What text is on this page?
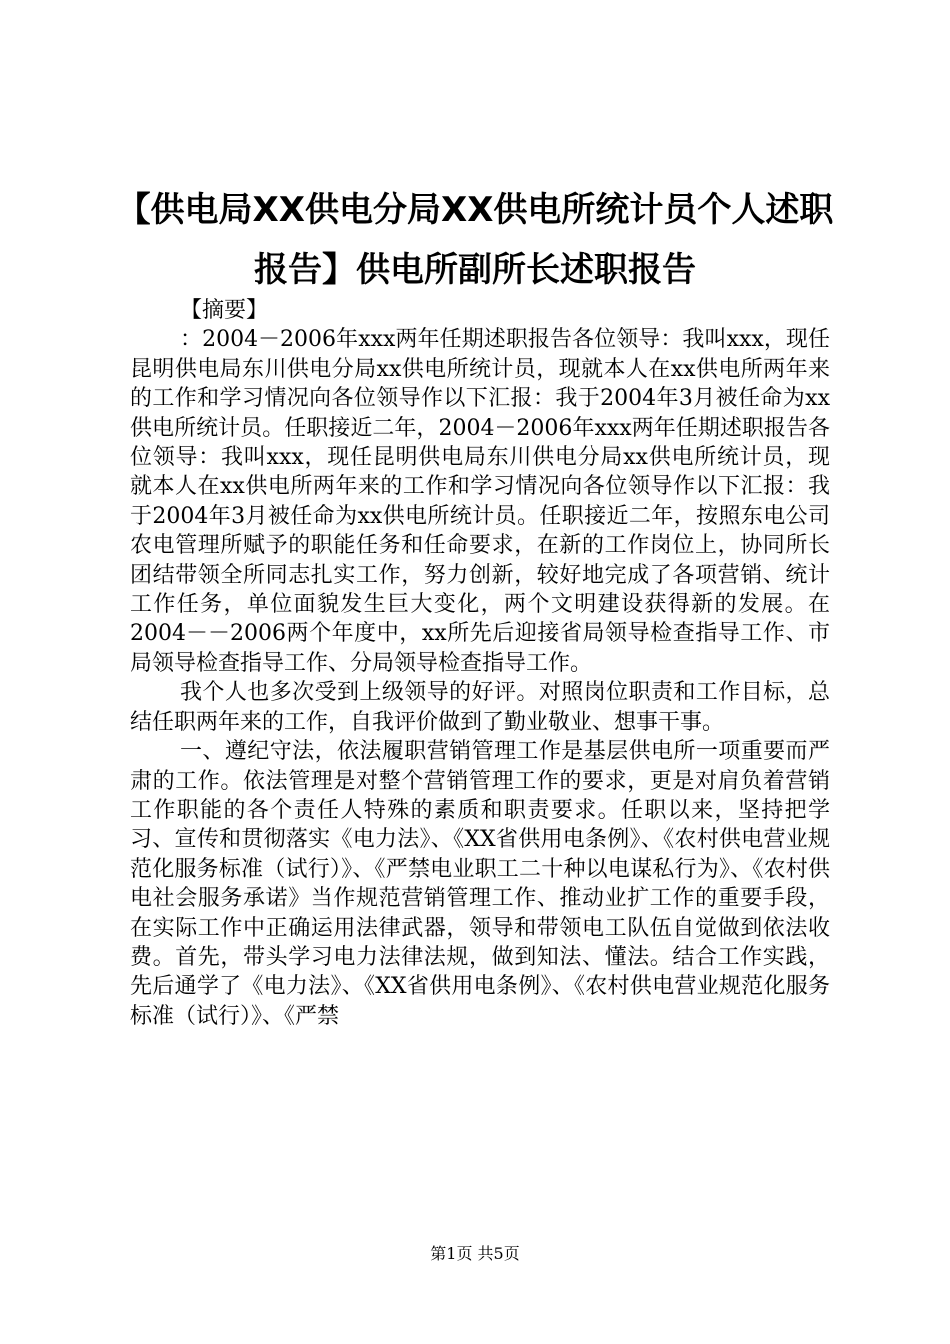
【供电局XX供电分局XX供电所统计员个人述职报告】供电所副所长述职报告

【摘要】

：2004－2006年xxx两年任期述职报告各位领导：我叫xxx，现任昆明供电局东川供电分局xx供电所统计员，现就本人在xx供电所两年来的工作和学习情况向各位领导作以下汇报：我于2004年3月被任命为xx供电所统计员。任职接近二年，2004－2006年xxx两年任期述职报告各位领导：我叫xxx，现任昆明供电局东川供电分局xx供电所统计员，现就本人在xx供电所两年来的工作和学习情况向各位领导作以下汇报：我于2004年3月被任命为xx供电所统计员。任职接近二年，按照东电公司农电管理所赋予的职能任务和任命要求，在新的工作岗位上，协同所长团结带领全所同志扎实工作，努力创新，较好地完成了各项营销、统计工作任务，单位面貌发生巨大变化，两个文明建设获得新的发展。在2004－－2006两个年度中，xx所先后迎接省局领导检查指导工作、市局领导检查指导工作、分局领导检查指导工作。

我个人也多次受到上级领导的好评。对照岗位职责和工作目标，总结任职两年来的工作，自我评价做到了勤业敬业、想事干事。

一、遵纪守法，依法履职营销管理工作是基层供电所一项重要而严肃的工作。依法管理是对整个营销管理工作的要求，更是对肩负着营销工作职能的各个责任人特殊的素质和职责要求。任职以来，坚持把学习、宣传和贯彻落实《电力法》、《XX省供用电条例》、《农村供电营业规范化服务标准（试行）》、《严禁电业职工二十种以电谋私行为》、《农村供电社会服务承诺》当作规范营销管理工作、推动业扩工作的重要手段，在实际工作中正确运用法律武器，领导和带领电工队伍自觉做到依法收费。首先，带头学习电力法律法规，做到知法、懂法。结合工作实践，先后通学了《电力法》、《XX省供用电条例》、《农村供电营业规范化服务标准（试行）》、《严禁

第1页 共5页
